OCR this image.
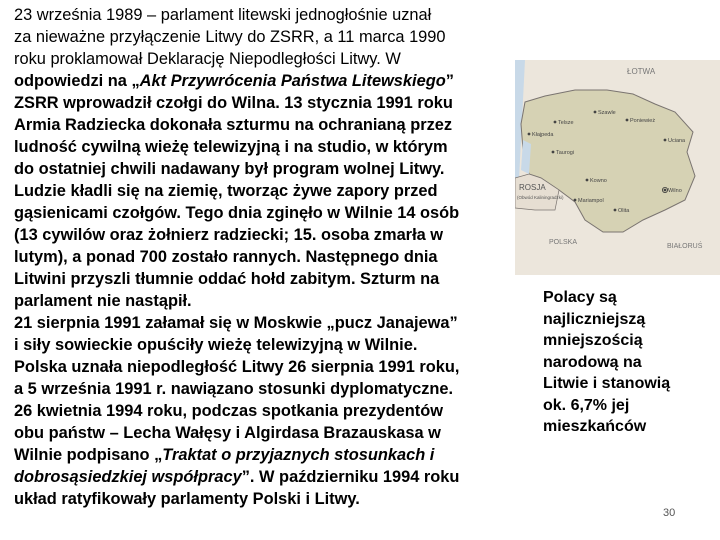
23 września 1989 – parlament litewski jednogłośnie uznał
za nieważne przyłączenie Litwy do ZSRR, a 11 marca 1990
roku proklamował Deklarację Niepodległości Litwy. W
odpowiedzi na „Akt Przywrócenia Państwa Litewskiego”
ZSRR wprowadził czołgi do Wilna. 13 stycznia 1991 roku
Armia Radziecka dokonała szturmu na ochranianą przez
ludność cywilną wieżę telewizyjną i na studio, w którym
do ostatniej chwili nadawany był program wolnej Litwy.
Ludzie kładli się na ziemię, tworząc żywe zapory przed
gąsienicami czołgów. Tego dnia zginęło w Wilnie 14 osób
(13 cywilów oraz żołnierz radziecki; 15. osoba zmarła w
lutym), a ponad 700 zostało rannych. Następnego dnia
Litwini przyszli tłumnie oddać hołd zabitym. Szturm na
parlament nie nastąpił.
21 sierpnia 1991 załamał się w Moskwie „pucz Janajewa”
i siły sowieckie opuściły wieżę telewizyjną w Wilnie.
Polska uznała niepodległość Litwy 26 sierpnia 1991 roku,
a 5 września 1991 r. nawiązano stosunki dyplomatyczne.
26 kwietnia 1994 roku, podczas spotkania prezydentów
obu państw – Lecha Wałęsy i Algirdasa Brazauskasa w
Wilnie podpisano „Traktat o przyjaznych stosunkach i
dobrosąsiedzkiej współpracy”. W październiku 1994 roku
układ ratyfikowały parlamenty Polski i Litwy.
ŁOTWA
ROSJA
(Obwód Kaliningradzki)
POLSKA
BIAŁORUŚ
Kłajpeda
Szawle
Poniewież
Kowno
Wilno
Olita
Mariampol
Taurogi
Telsze
Uciana
Polacy są
najliczniejszą
mniejszością
narodową na
Litwie i stanowią
ok. 6,7% jej
mieszkańców
30
